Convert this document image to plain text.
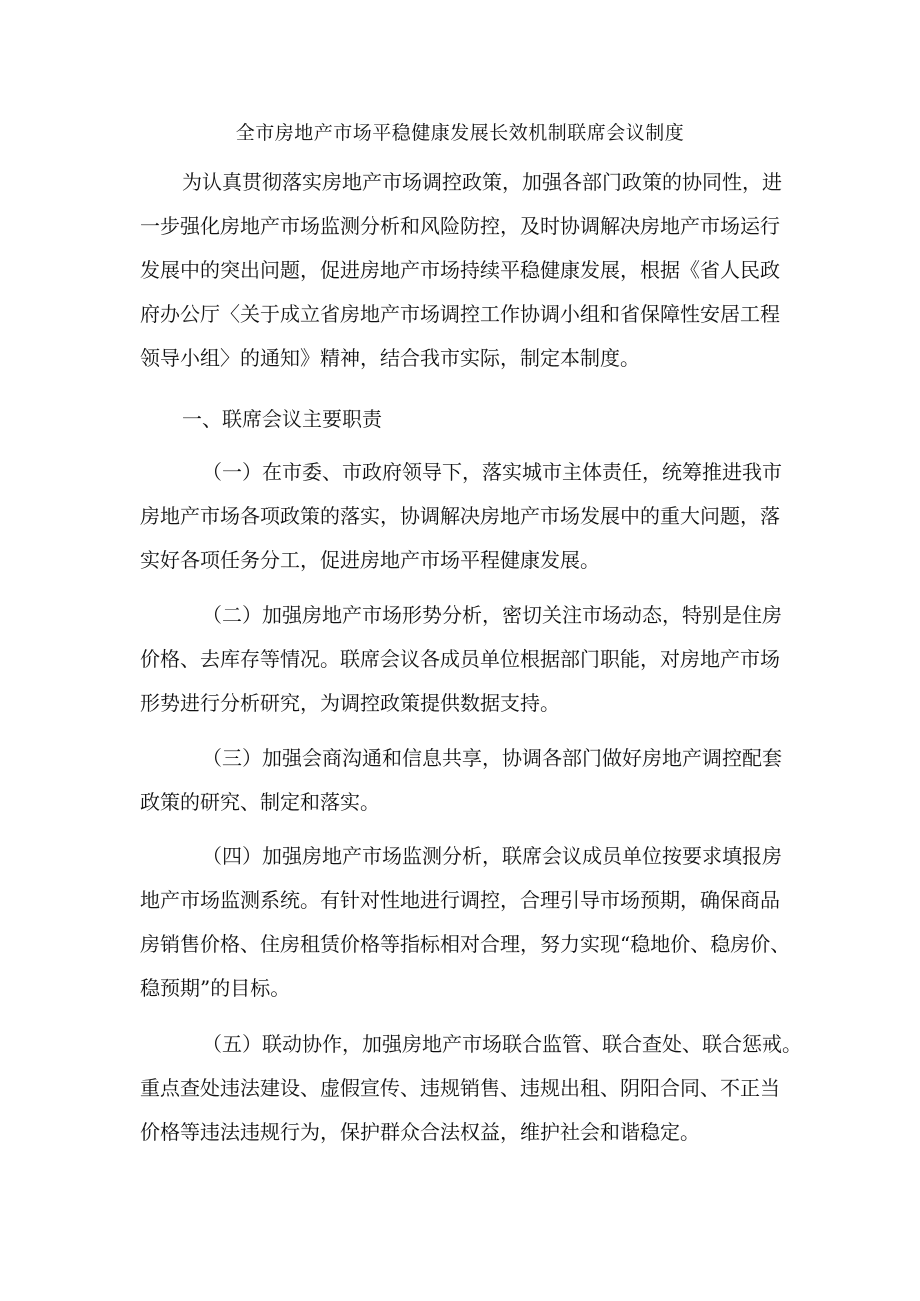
全市房地产市场平稳健康发展长效机制联席会议制度
为认真贯彻落实房地产市场调控政策，加强各部门政策的协同性，进
一步强化房地产市场监测分析和风险防控，及时协调解决房地产市场运行
发展中的突出问题，促进房地产市场持续平稳健康发展，根据《省人民政
府办公厅〈关于成立省房地产市场调控工作协调小组和省保障性安居工程
领导小组〉的通知》精神，结合我市实际，制定本制度。
一、联席会议主要职责
（一）在市委、市政府领导下，落实城市主体责任，统筹推进我市
房地产市场各项政策的落实，协调解决房地产市场发展中的重大问题，落
实好各项任务分工，促进房地产市场平程健康发展。
（二）加强房地产市场形势分析，密切关注市场动态，特别是住房
价格、去库存等情况。联席会议各成员单位根据部门职能，对房地产市场
形势进行分析研究，为调控政策提供数据支持。
（三）加强会商沟通和信息共享，协调各部门做好房地产调控配套
政策的研究、制定和落实。
（四）加强房地产市场监测分析，联席会议成员单位按要求填报房
地产市场监测系统。有针对性地进行调控，合理引导市场预期，确保商品
房销售价格、住房租赁价格等指标相对合理，努力实现“稳地价、稳房价、
稳预期”的目标。
（五）联动协作，加强房地产市场联合监管、联合查处、联合惩戒。
重点查处违法建设、虚假宣传、违规销售、违规出租、阴阳合同、不正当
价格等违法违规行为，保护群众合法权益，维护社会和谐稳定。
